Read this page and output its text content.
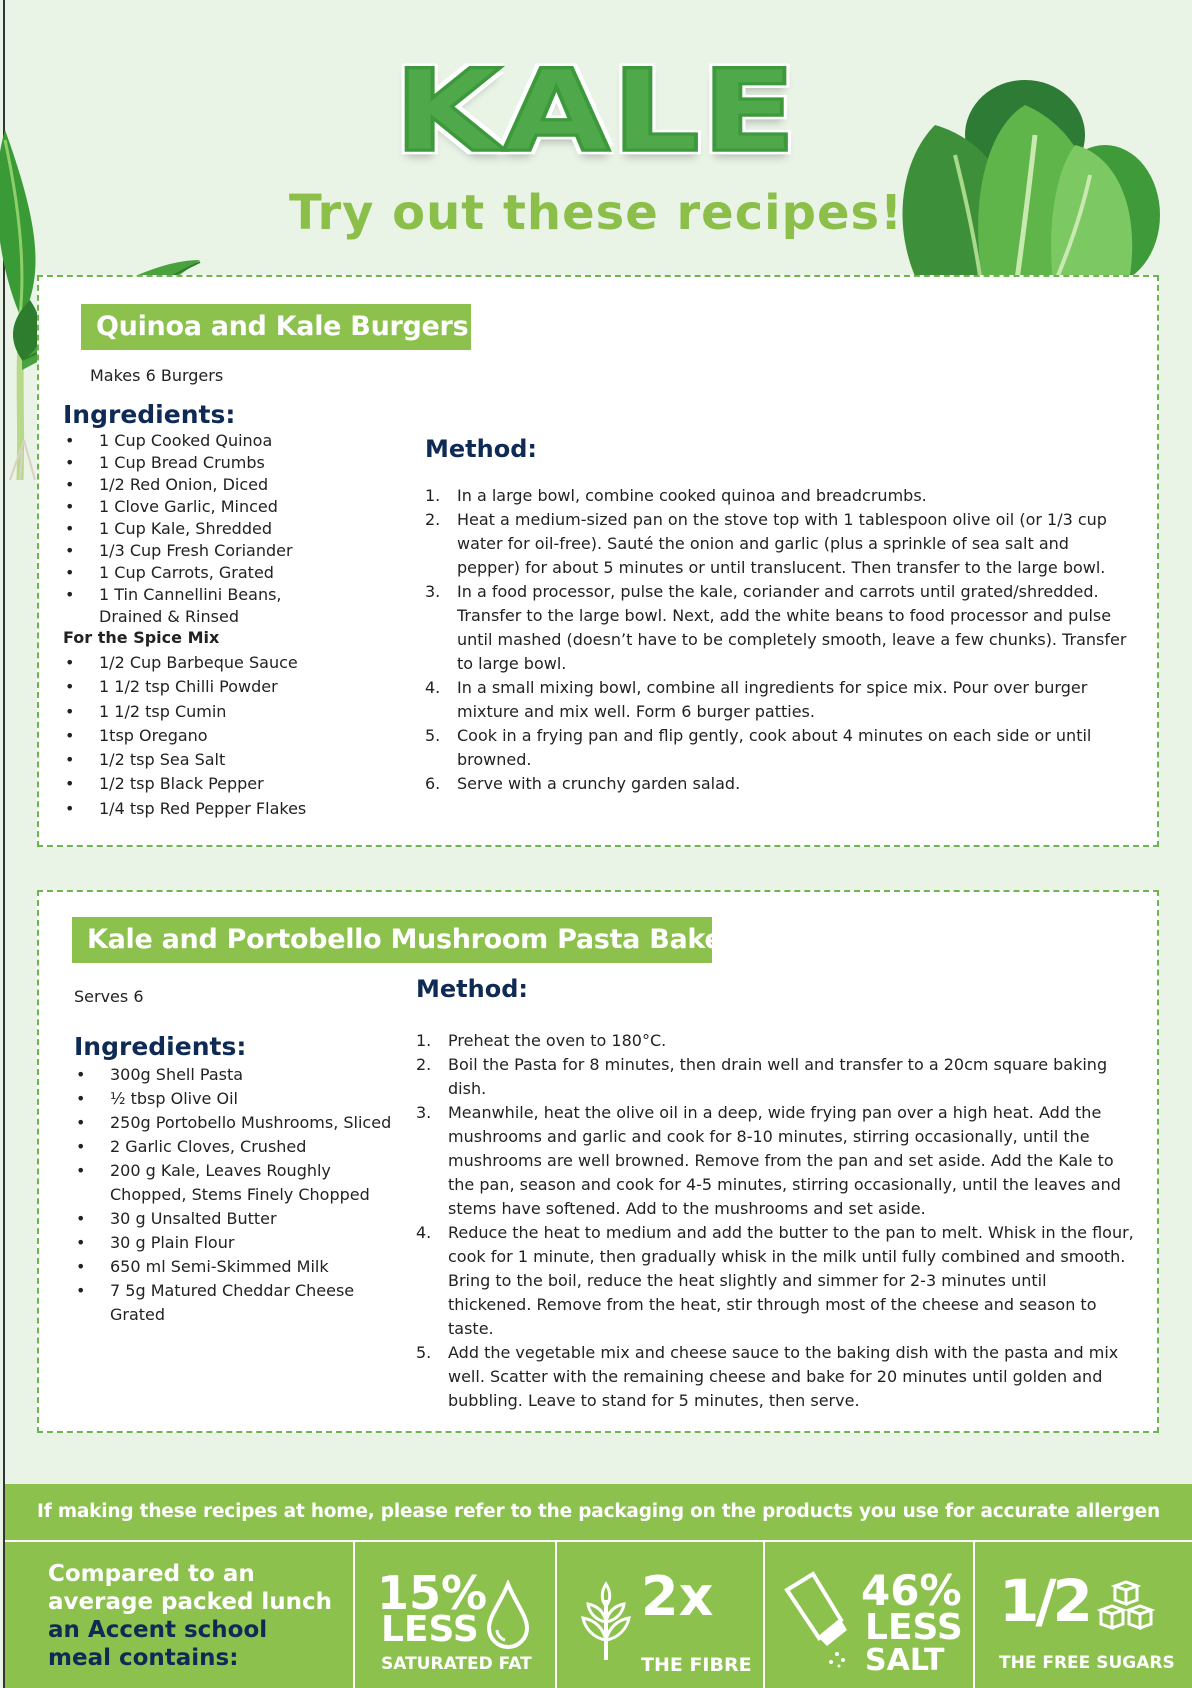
KALE
Try out these recipes!
Quinoa and Kale Burgers
Makes 6 Burgers
Ingredients:
• 1 Cup Cooked Quinoa
• 1 Cup Bread Crumbs
• 1/2 Red Onion, Diced
• 1 Clove Garlic, Minced
• 1 Cup Kale, Shredded
• 1/3 Cup Fresh Coriander
• 1 Cup Carrots, Grated
• 1 Tin Cannellini Beans, Drained & Rinsed
For the Spice Mix
• 1/2 Cup Barbeque Sauce
• 1 1/2 tsp Chilli Powder
• 1 1/2 tsp Cumin
• 1tsp Oregano
• 1/2 tsp Sea Salt
• 1/2 tsp Black Pepper
• 1/4 tsp Red Pepper Flakes
Method:
1. In a large bowl, combine cooked quinoa and breadcrumbs.
2. Heat a medium-sized pan on the stove top with 1 tablespoon olive oil (or 1/3 cup water for oil-free). Sauté the onion and garlic (plus a sprinkle of sea salt and pepper) for about 5 minutes or until translucent. Then transfer to the large bowl.
3. In a food processor, pulse the kale, coriander and carrots until grated/shredded. Transfer to the large bowl. Next, add the white beans to food processor and pulse until mashed (doesn’t have to be completely smooth, leave a few chunks). Transfer to large bowl.
4. In a small mixing bowl, combine all ingredients for spice mix. Pour over burger mixture and mix well. Form 6 burger patties.
5. Cook in a frying pan and flip gently, cook about 4 minutes on each side or until browned.
6. Serve with a crunchy garden salad.
Kale and Portobello Mushroom Pasta Bake
Serves 6
Ingredients:
• 300g Shell Pasta
• ½ tbsp Olive Oil
• 250g Portobello Mushrooms, Sliced
• 2 Garlic Cloves, Crushed
• 200 g Kale, Leaves Roughly Chopped, Stems Finely Chopped
• 30 g Unsalted Butter
• 30 g Plain Flour
• 650 ml Semi-Skimmed Milk
• 7 5g Matured Cheddar Cheese Grated
Method:
1. Preheat the oven to 180°C.
2. Boil the Pasta for 8 minutes, then drain well and transfer to a 20cm square baking dish.
3. Meanwhile, heat the olive oil in a deep, wide frying pan over a high heat. Add the mushrooms and garlic and cook for 8-10 minutes, stirring occasionally, until the mushrooms are well browned. Remove from the pan and set aside. Add the Kale to the pan, season and cook for 4-5 minutes, stirring occasionally, until the leaves and stems have softened. Add to the mushrooms and set aside.
4. Reduce the heat to medium and add the butter to the pan to melt. Whisk in the flour, cook for 1 minute, then gradually whisk in the milk until fully combined and smooth. Bring to the boil, reduce the heat slightly and simmer for 2-3 minutes until thickened. Remove from the heat, stir through most of the cheese and season to taste.
5. Add the vegetable mix and cheese sauce to the baking dish with the pasta and mix well. Scatter with the remaining cheese and bake for 20 minutes until golden and bubbling. Leave to stand for 5 minutes, then serve.
If making these recipes at home, please refer to the packaging on the products you use for accurate allergen
Compared to an
average packed lunch
an Accent school
meal contains:
15%
LESS
SATURATED FAT
2x
THE FIBRE
46%
LESS
SALT
1/2
THE FREE SUGARS
